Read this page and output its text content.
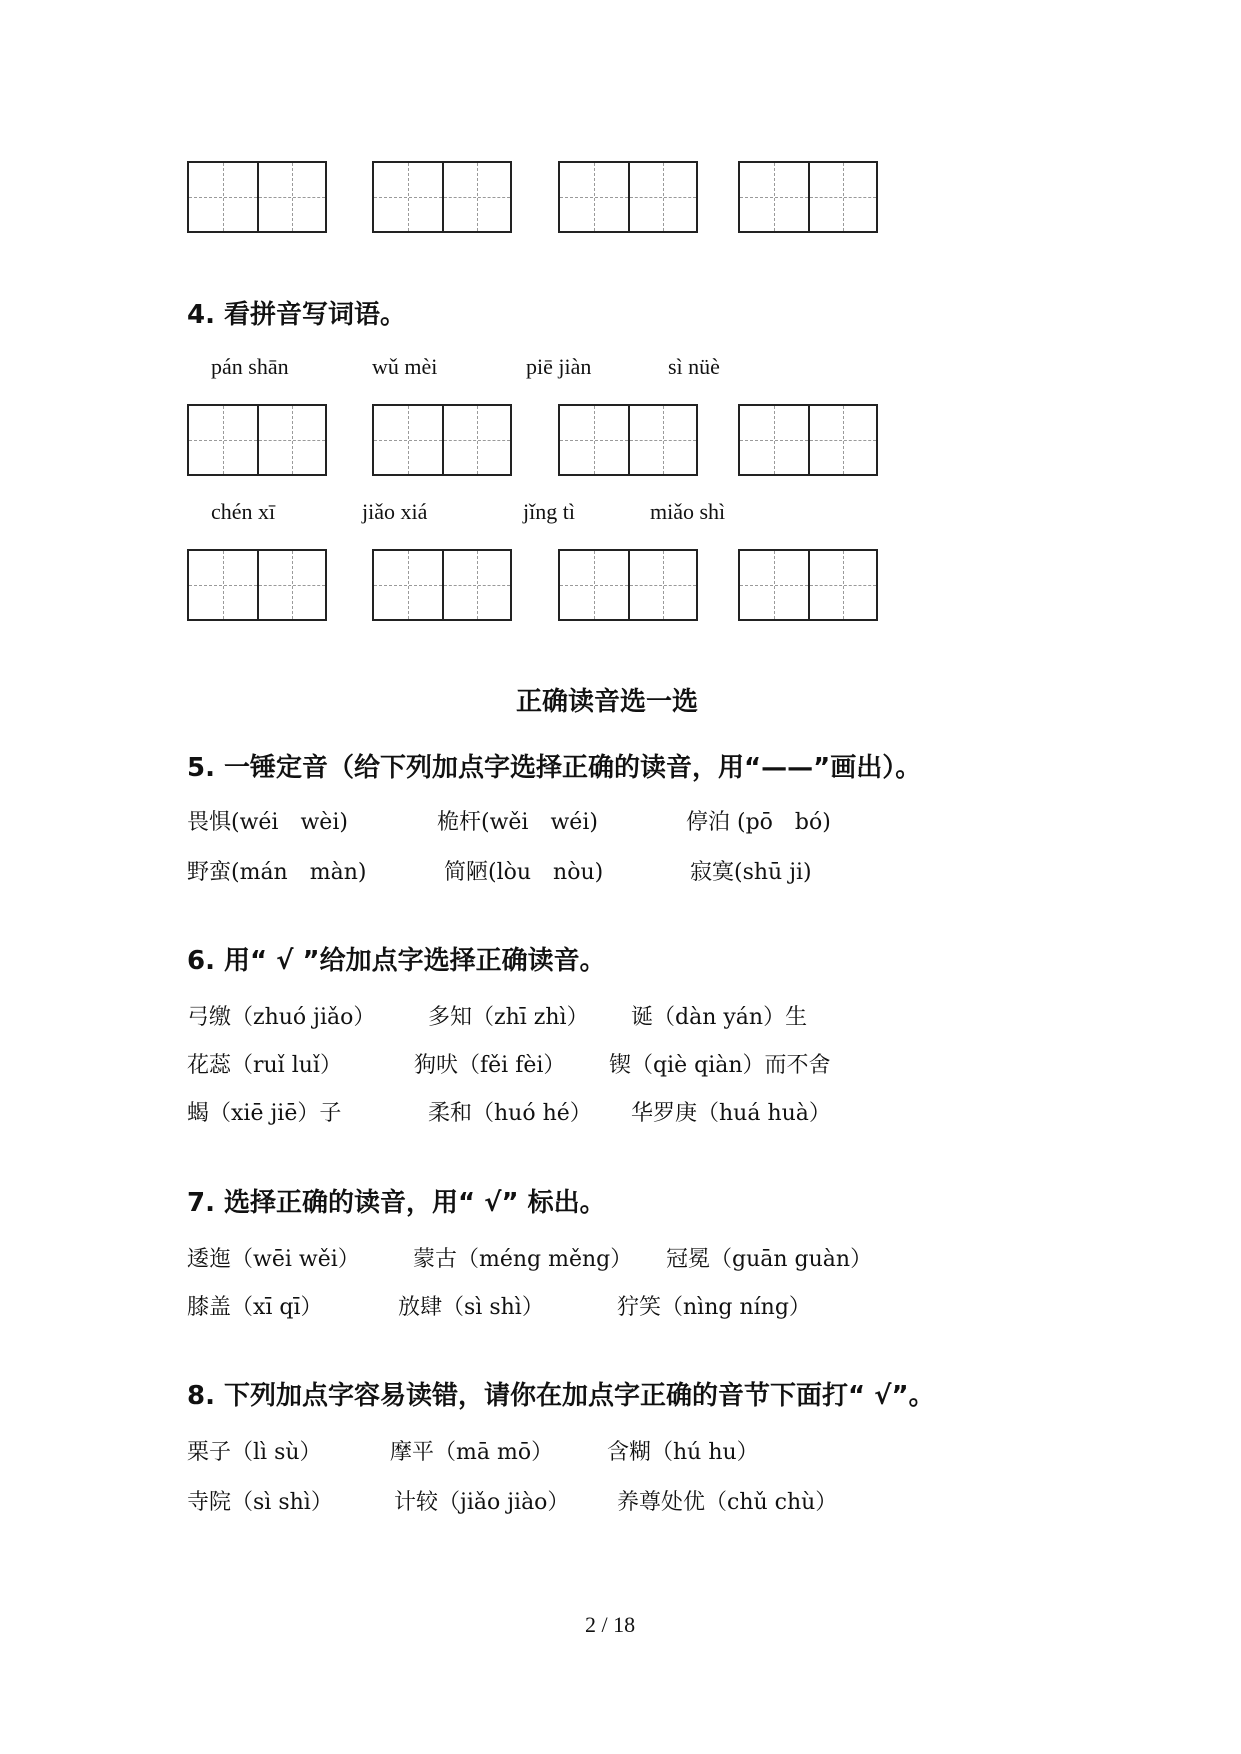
4. 看拼音写词语。
pán shān	wǔ mèi	piē jiàn	sì nüè
chén xī	jiǎo xiá	jǐng tì	miǎo shì
正确读音选一选
5. 一锤定音（给下列加点字选择正确的读音，用“——”画出）。
畏惧(wéi　wèi)	桅杆(wěi　wéi)	停泊 (pō　bó)
野蛮(mán　màn)	简陋(lòu　nòu)	寂寞(shū ji)
6. 用“ √ ”给加点字选择正确读音。
弓缴（zhuó jiǎo） 多知（zhī zhì） 诞（dàn yán）生
花蕊（ruǐ luǐ）	狗吠（fěi fèi） 锲（qiè qiàn）而不舍
蝎（xiē jiē）子	柔和（huó hé） 华罗庚（huá huà）
7. 选择正确的读音，用“ √” 标出。
逶迤（wēi wěi） 蒙古（méng měng） 冠冕（guān guàn）
膝盖（xī qī）	放肆（sì shì）	狞笑（nìng níng）
8. 下列加点字容易读错，请你在加点字正确的音节下面打“ √”。
栗子（lì sù）	摩平（mā mō） 含糊（hú hu）
寺院（sì shì）	计较（jiǎo jiào） 养尊处优（chǔ chù）
2 / 18
